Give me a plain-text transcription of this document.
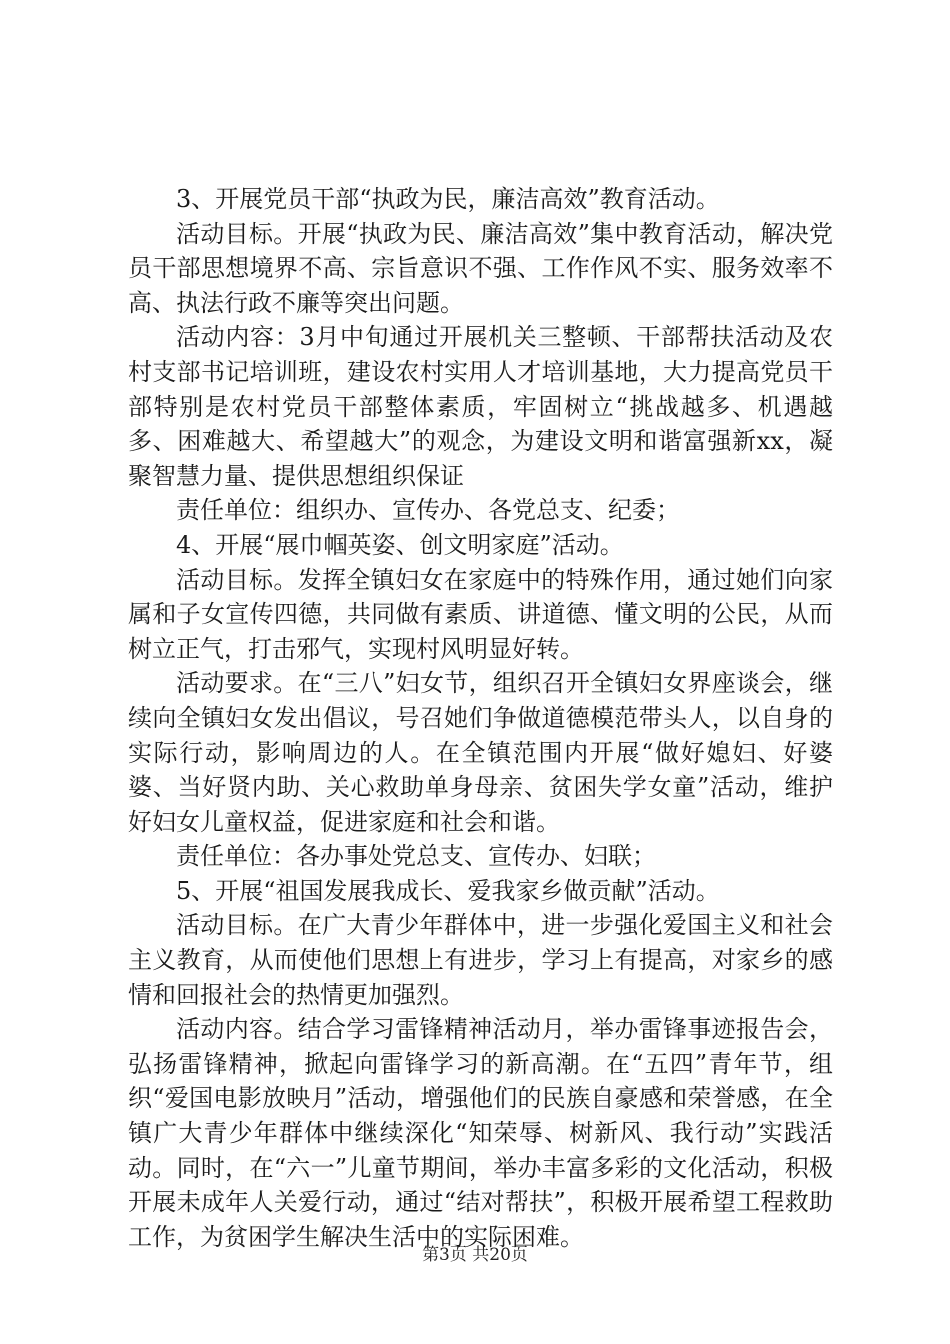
3、开展党员干部“执政为民，廉洁高效”教育活动。

活动目标。开展“执政为民、廉洁高效”集中教育活动，解决党员干部思想境界不高、宗旨意识不强、工作作风不实、服务效率不高、执法行政不廉等突出问题。

活动内容：3月中旬通过开展机关三整顿、干部帮扶活动及农村支部书记培训班，建设农村实用人才培训基地，大力提高党员干部特别是农村党员干部整体素质，牢固树立“挑战越多、机遇越多、困难越大、希望越大”的观念，为建设文明和谐富强新xx，凝聚智慧力量、提供思想组织保证

责任单位：组织办、宣传办、各党总支、纪委；

4、开展“展巾帼英姿、创文明家庭”活动。

活动目标。发挥全镇妇女在家庭中的特殊作用，通过她们向家属和子女宣传四德，共同做有素质、讲道德、懂文明的公民，从而树立正气，打击邪气，实现村风明显好转。

活动要求。在“三八”妇女节，组织召开全镇妇女界座谈会，继续向全镇妇女发出倡议，号召她们争做道德模范带头人，以自身的实际行动，影响周边的人。在全镇范围内开展“做好媳妇、好婆婆、当好贤内助、关心救助单身母亲、贫困失学女童”活动，维护好妇女儿童权益，促进家庭和社会和谐。

责任单位：各办事处党总支、宣传办、妇联；

5、开展“祖国发展我成长、爱我家乡做贡献”活动。

活动目标。在广大青少年群体中，进一步强化爱国主义和社会主义教育，从而使他们思想上有进步，学习上有提高，对家乡的感情和回报社会的热情更加强烈。

活动内容。结合学习雷锋精神活动月，举办雷锋事迹报告会，弘扬雷锋精神，掀起向雷锋学习的新高潮。在“五四”青年节，组织“爱国电影放映月”活动，增强他们的民族自豪感和荣誉感，在全镇广大青少年群体中继续深化“知荣辱、树新风、我行动”实践活动。同时，在“六一”儿童节期间，举办丰富多彩的文化活动，积极开展未成年人关爱行动，通过“结对帮扶”，积极开展希望工程救助工作，为贫困学生解决生活中的实际困难。

第3页 共20页
